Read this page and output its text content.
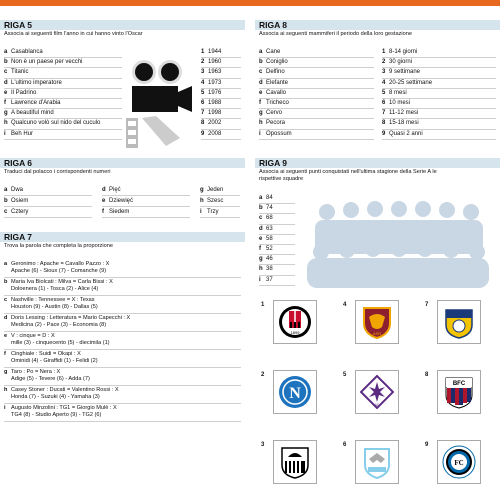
RIGA 5
Associa ai seguenti film l'anno in cui hanno vinto l'Oscar
a Casablanca
b Non è un paese per vecchi
c Titanic
d L'ultimo imperatore
e Il Padrino
f Lawrence d'Arabia
g A beautiful mind
h Qualcuno volò sul nido del cuculo
i Beh Hur
1 1944
2 1960
3 1963
4 1973
5 1976
6 1988
7 1998
8 2002
9 2008
RIGA 8
Associa ai seguenti mammiferi il periodo della loro gestazione
a Cane
b Coniglio
c Delfino
d Elefante
e Cavallo
f Tricheco
g Cervo
h Pecora
i Opossum
1 8-14 giorni
2 30 giorni
3 9 settimane
4 20-25 settimane
5 8 mesi
6 10 mesi
7 11-12 mesi
8 15-18 mesi
9 Quasi 2 anni
RIGA 6
Traduci dal polacco i corrispondenti numeri
a Dwa	d Pięć	g Jeden
b Osiem	e Dziewięć	h Szesc
c Cztery	f Siedem	i Trzy
RIGA 9
Associa ai seguenti punti conquistati nell'ultima stagione della Serie A le rispettive squadre
a 84
b 74
c 68
d 63
e 58
f 52
g 46
h 38
i 37
1
1899
2
N
3
4
ASR
5
AC
6
7
8
BFC
9
FC
RIGA 7
Trova la parola che completa la proporzione
a Geronimo : Apache = Cavallo Pazzo : X
Apache (6) - Sioux (7) - Comanche (9)
b Maria Iva Biolcati : Milva = Carla Bissi : X
Doloenera (1) - Tosca (2) - Alice (4)
c Nashville : Tennessee = X : Texas
Houston (9) - Austin (8) - Dallas (5)
d Doris Lessing : Letteratura = Mario Capecchi : X
Medicina (2) - Pace (3) - Economia (8)
e V : cinque = D : X
mille (3) - cinquecento (5) - diecimila (1)
f Cinghiale : Suidi = Okapi : X
Ominidi (4) - Giraffidi (1) - Felidi (2)
g Taro : Po = Nera : X
Adige (5) - Tevere (6) - Adda (7)
h Casey Stoner : Ducati = Valentino Rossi : X
Honda (7) - Suzuki (4) - Yamaha (3)
i Augusto Minzolini : TG1 = Giorgio Mulè : X
TG4 (8) - Studio Aperto (9) - TG2 (6)
